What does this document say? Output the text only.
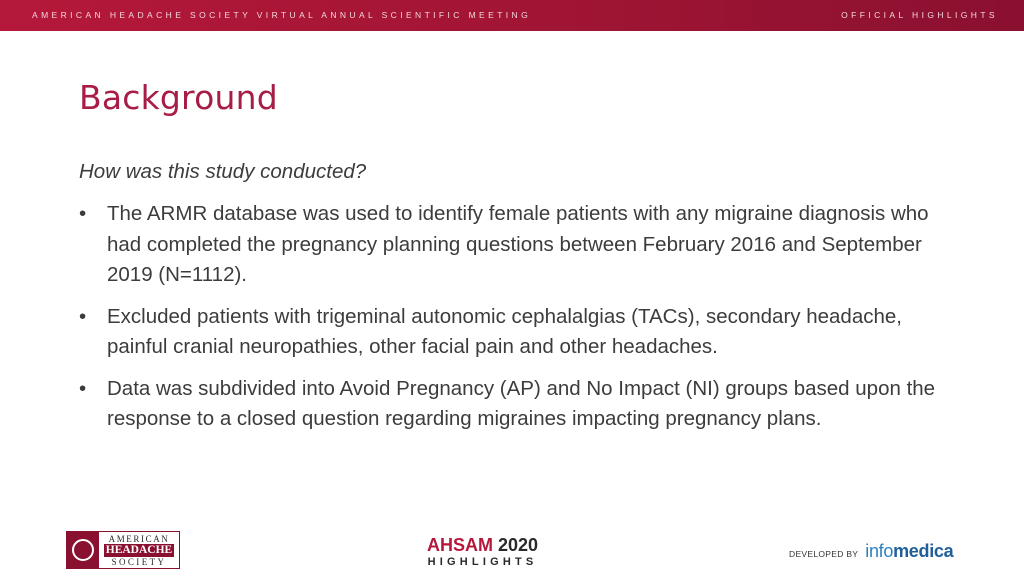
AMERICAN HEADACHE SOCIETY VIRTUAL ANNUAL SCIENTIFIC MEETING	OFFICIAL HIGHLIGHTS
Background
How was this study conducted?
• The ARMR database was used to identify female patients with any migraine diagnosis who had completed the pregnancy planning questions between February 2016 and September 2019 (N=1112).
• Excluded patients with trigeminal autonomic cephalalgias (TACs), secondary headache, painful cranial neuropathies, other facial pain and other headaches.
• Data was subdivided into Avoid Pregnancy (AP) and No Impact (NI) groups based upon the response to a closed question regarding migraines impacting pregnancy plans.
AMERICAN
HEADACHE
SOCIETY
AHSAM 2020
HIGHLIGHTS
DEVELOPED BY info medica
